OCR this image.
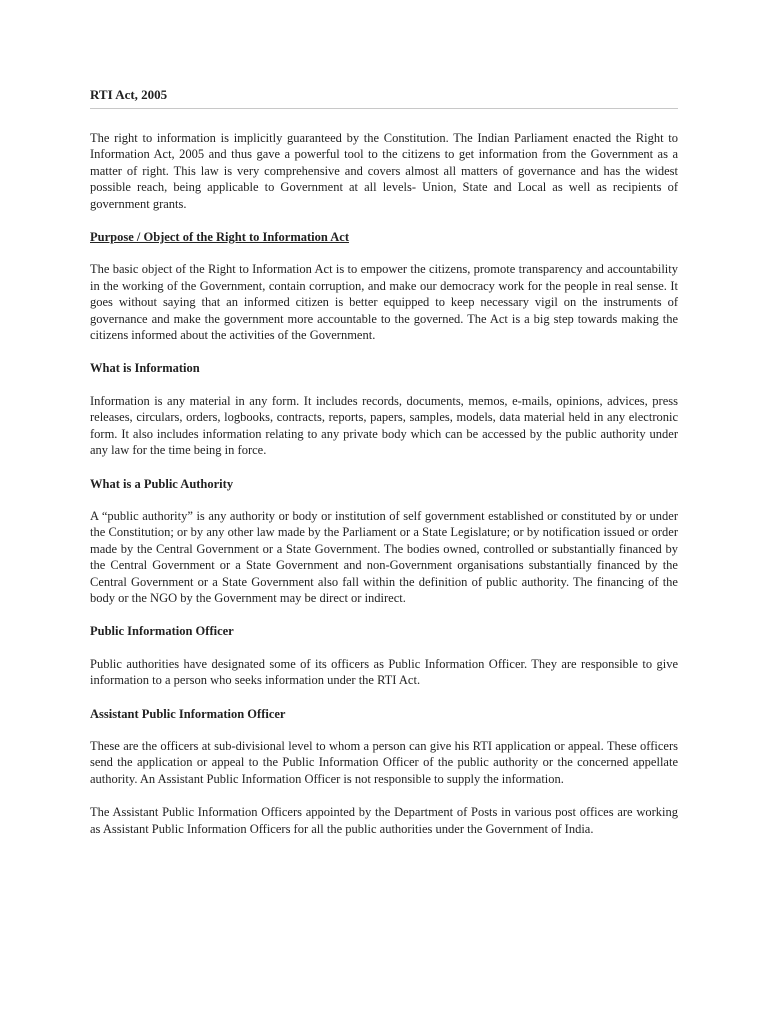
RTI Act, 2005

The right to information is implicitly guaranteed by the Constitution. The Indian Parliament enacted the Right to Information Act, 2005 and thus gave a powerful tool to the citizens to get information from the Government as a matter of right. This law is very comprehensive and covers almost all matters of governance and has the widest possible reach, being applicable to Government at all levels- Union, State and Local as well as recipients of government grants.

Purpose / Object of the Right to Information Act

The basic object of the Right to Information Act is to empower the citizens, promote transparency and accountability in the working of the Government, contain corruption, and make our democracy work for the people in real sense. It goes without saying that an informed citizen is better equipped to keep necessary vigil on the instruments of governance and make the government more accountable to the governed. The Act is a big step towards making the citizens informed about the activities of the Government.

What is Information

Information is any material in any form. It includes records, documents, memos, e-mails, opinions, advices, press releases, circulars, orders, logbooks, contracts, reports, papers, samples, models, data material held in any electronic form. It also includes information relating to any private body which can be accessed by the public authority under any law for the time being in force.

What is a Public Authority

A “public authority” is any authority or body or institution of self government established or constituted by or under the Constitution; or by any other law made by the Parliament or a State Legislature; or by notification issued or order made by the Central Government or a State Government. The bodies owned, controlled or substantially financed by the Central Government or a State Government and non-Government organisations substantially financed by the Central Government or a State Government also fall within the definition of public authority. The financing of the body or the NGO by the Government may be direct or indirect.

Public Information Officer

Public authorities have designated some of its officers as Public Information Officer. They are responsible to give information to a person who seeks information under the RTI Act.

Assistant Public Information Officer

These are the officers at sub-divisional level to whom a person can give his RTI application or appeal. These officers send the application or appeal to the Public Information Officer of the public authority or the concerned appellate authority. An Assistant Public Information Officer is not responsible to supply the information.

The Assistant Public Information Officers appointed by the Department of Posts in various post offices are working as Assistant Public Information Officers for all the public authorities under the Government of India.
